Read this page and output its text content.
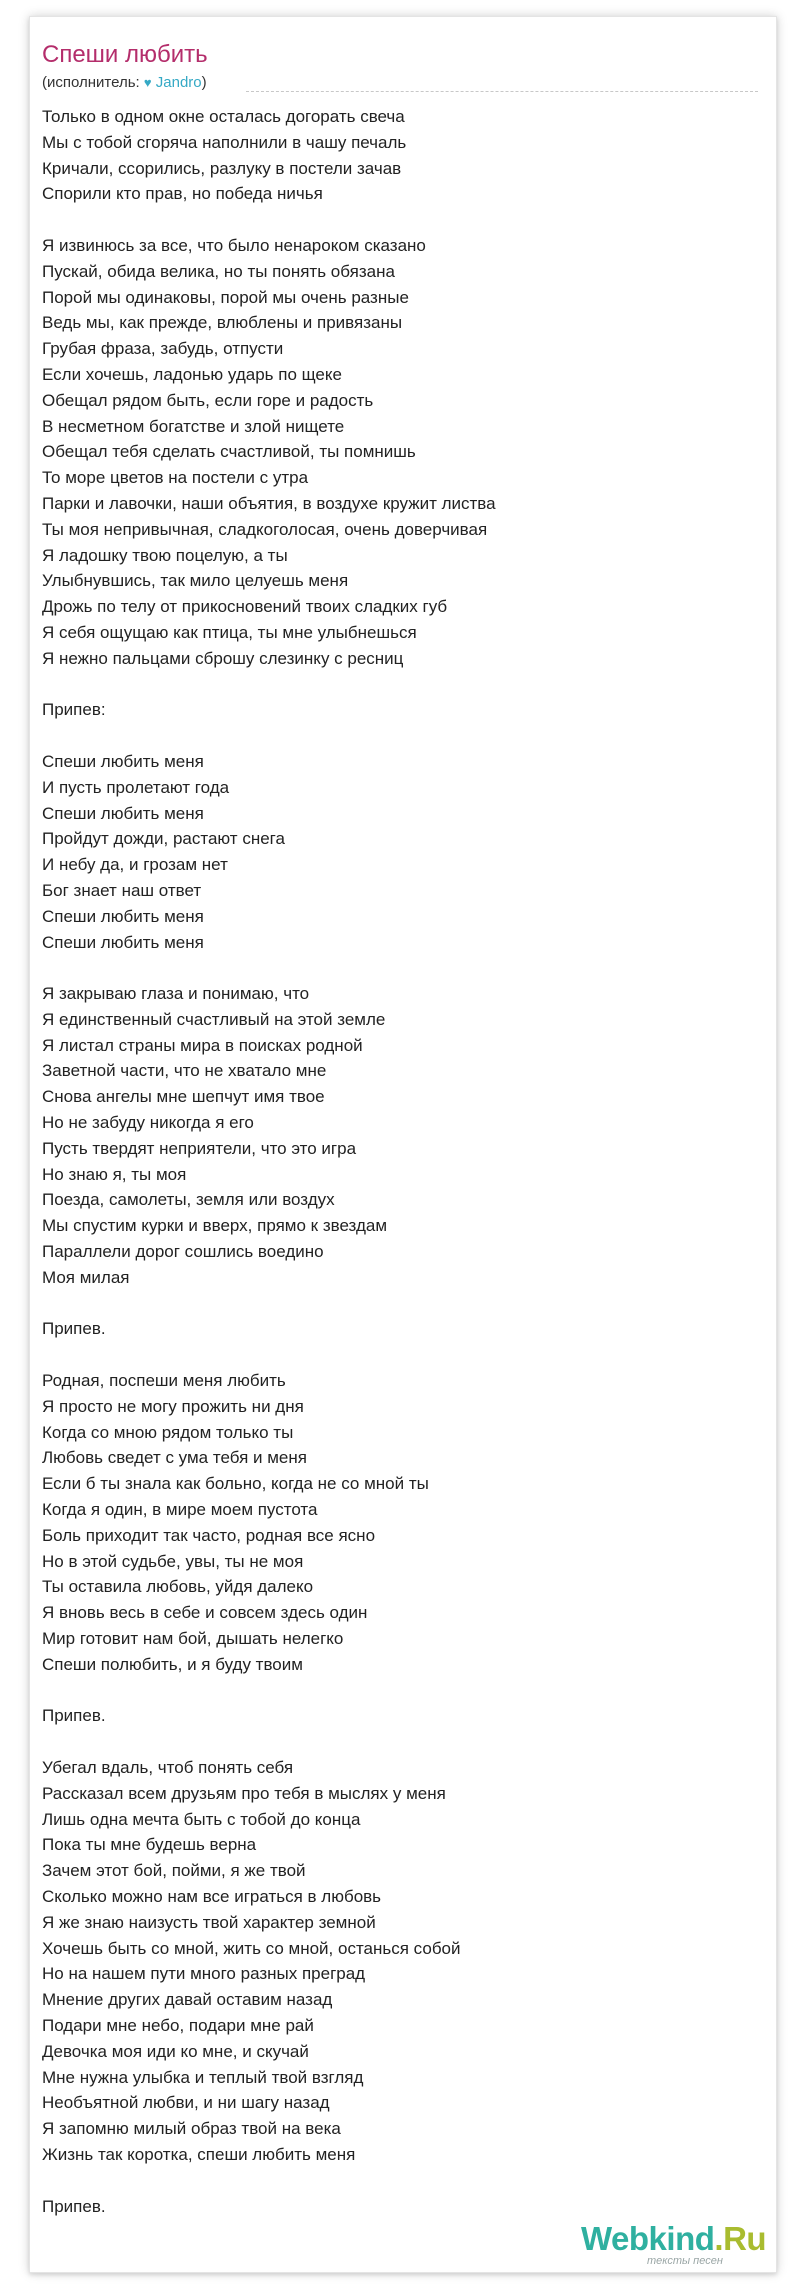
Спеши любить
(исполнитель: ♥ Jandro)
Только в одном окне осталась догорать свеча
Мы с тобой сгоряча наполнили в чашу печаль
Кричали, ссорились, разлуку в постели зачав
Спорили кто прав, но победа ничья

Я извинюсь за все, что было ненароком сказано
Пускай, обида велика, но ты понять обязана
Порой мы одинаковы, порой мы очень разные
Ведь мы, как прежде, влюблены и привязаны
Грубая фраза, забудь, отпусти
Если хочешь, ладонью ударь по щеке
Обещал рядом быть, если горе и радость
В несметном богатстве и злой нищете
Обещал тебя сделать счастливой, ты помнишь
То море цветов на постели с утра
Парки и лавочки, наши объятия, в воздухе кружит листва
Ты моя непривычная, сладкоголосая, очень доверчивая
Я ладошку твою поцелую, а ты
Улыбнувшись, так мило целуешь меня
Дрожь по телу от прикосновений твоих сладких губ
Я себя ощущаю как птица, ты мне улыбнешься
Я нежно пальцами сброшу слезинку с ресниц

Припев:

Спеши любить меня
И пусть пролетают года
Спеши любить меня
Пройдут дожди, растают снега
И небу да, и грозам нет
Бог знает наш ответ
Спеши любить меня
Спеши любить меня

Я закрываю глаза и понимаю, что
Я единственный счастливый на этой земле
Я листал страны мира в поисках родной
Заветной части, что не хватало мне
Снова ангелы мне шепчут имя твое
Но не забуду никогда я его
Пусть твердят неприятели, что это игра
Но знаю я, ты моя
Поезда, самолеты, земля или воздух
Мы спустим курки и вверх, прямо к звездам
Параллели дорог сошлись воедино
Моя милая

Припев.

Родная, поспеши меня любить
Я просто не могу прожить ни дня
Когда со мною рядом только ты
Любовь сведет с ума тебя и меня
Если б ты знала как больно, когда не со мной ты
Когда я один, в мире моем пустота
Боль приходит так часто, родная все ясно
Но в этой судьбе, увы, ты не моя
Ты оставила любовь, уйдя далеко
Я вновь весь в себе и совсем здесь один
Мир готовит нам бой, дышать нелегко
Спеши полюбить, и я буду твоим

Припев.

Убегал вдаль, чтоб понять себя
Рассказал всем друзьям про тебя в мыслях у меня
Лишь одна мечта быть с тобой до конца
Пока ты мне будешь верна
Зачем этот бой, пойми, я же твой
Сколько можно нам все играться в любовь
Я же знаю наизусть твой характер земной
Хочешь быть со мной, жить со мной, останься собой
Но на нашем пути много разных преград
Мнение других давай оставим назад
Подари мне небо, подари мне рай
Девочка моя иди ко мне, и скучай
Мне нужна улыбка и теплый твой взгляд
Необъятной любви, и ни шагу назад
Я запомню милый образ твой на века
Жизнь так коротка, спеши любить меня

Припев.
Webkind.Ru
тексты песен
